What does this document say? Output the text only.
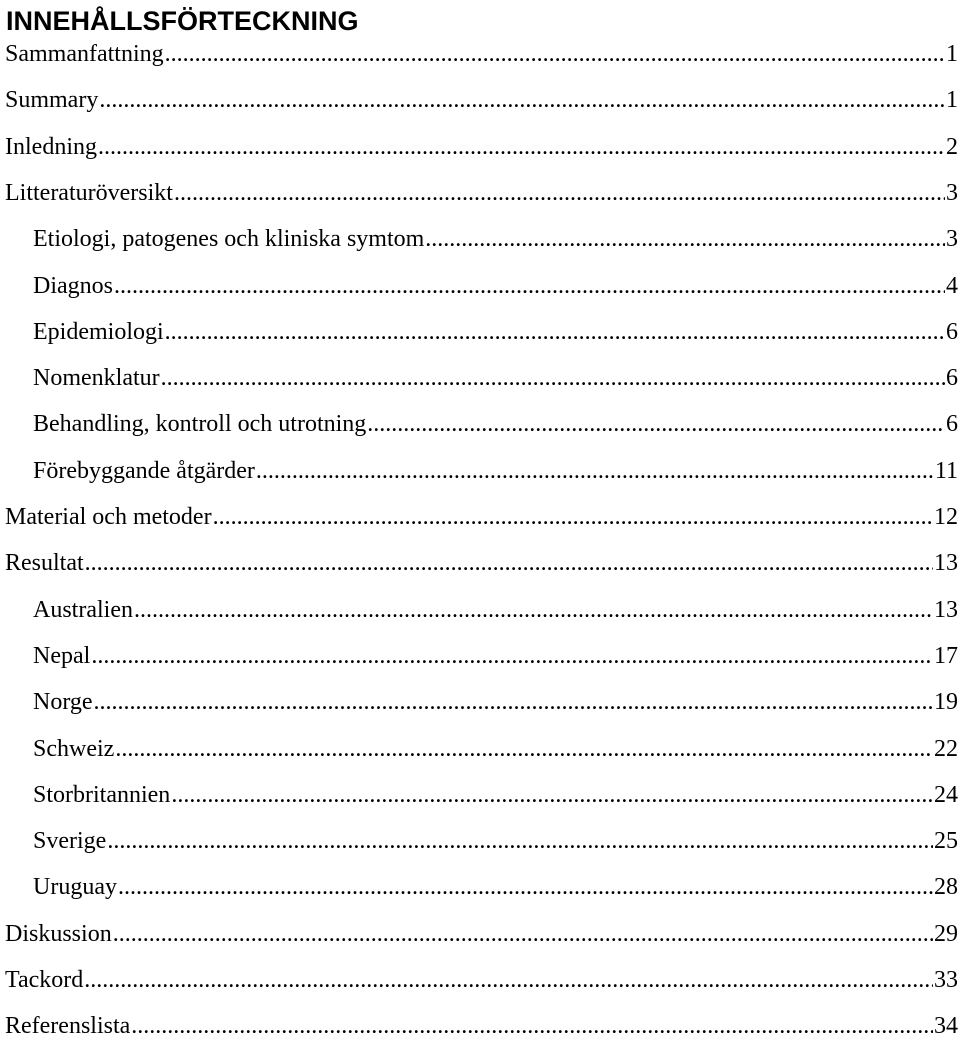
INNEHÅLLSFÖRTECKNING
Sammanfattning .....	1
Summary .....	1
Inledning .....	2
Litteraturöversikt .....	3
Etiologi, patogenes och kliniska symtom .....	3
Diagnos .....	4
Epidemiologi .....	6
Nomenklatur .....	6
Behandling, kontroll och utrotning .....	6
Förebyggande åtgärder .....	11
Material och metoder .....	12
Resultat .....	13
Australien .....	13
Nepal .....	17
Norge .....	19
Schweiz .....	22
Storbritannien .....	24
Sverige .....	25
Uruguay .....	28
Diskussion .....	29
Tackord .....	33
Referenslista .....	34
